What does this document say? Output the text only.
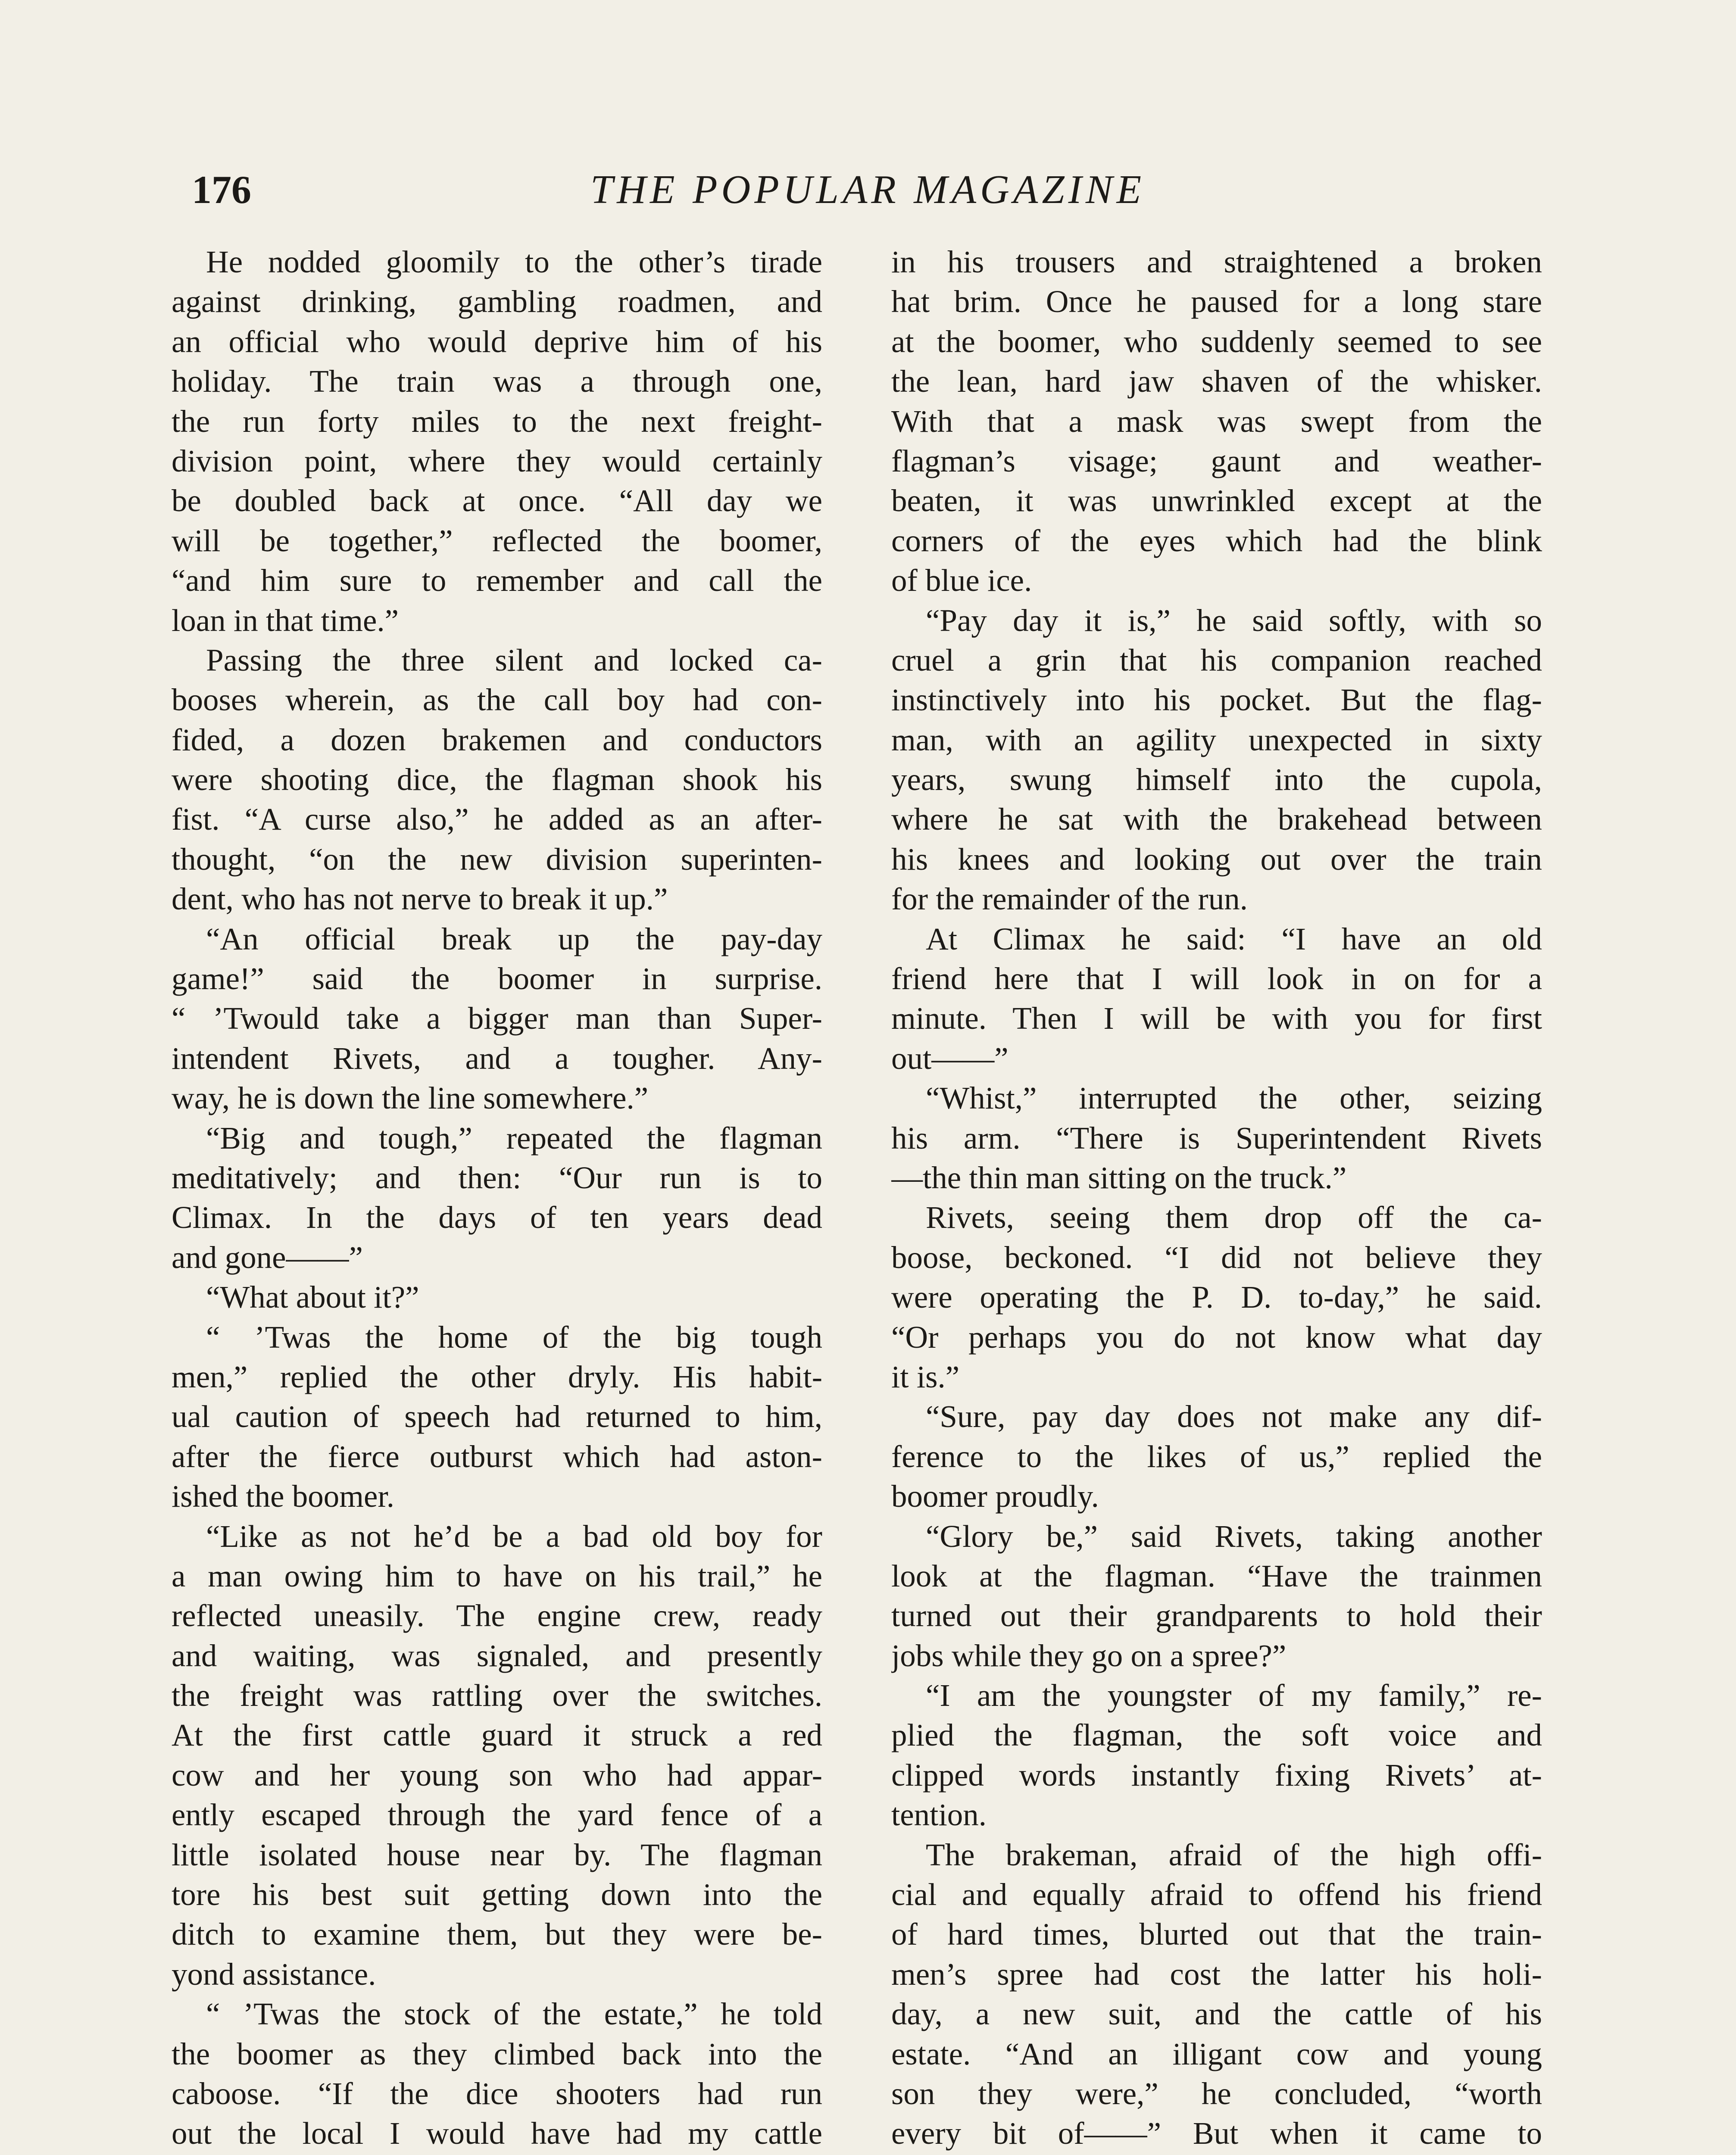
176	THE POPULAR MAGAZINE
He nodded gloomily to the other’s tirade
against drinking, gambling roadmen, and
an official who would deprive him of his
holiday. The train was a through one,
the run forty miles to the next freight-
division point, where they would certainly
be doubled back at once. “All day we
will be together,” reflected the boomer,
“and him sure to remember and call the
loan in that time.”
Passing the three silent and locked ca-
booses wherein, as the call boy had con-
fided, a dozen brakemen and conductors
were shooting dice, the flagman shook his
fist. “A curse also,” he added as an after-
thought, “on the new division superinten-
dent, who has not nerve to break it up.”
“An official break up the pay-day
game!” said the boomer in surprise.
“ ’Twould take a bigger man than Super-
intendent Rivets, and a tougher. Any-
way, he is down the line somewhere.”
“Big and tough,” repeated the flagman
meditatively; and then: “Our run is to
Climax. In the days of ten years dead
and gone——”
“What about it?”
“ ’Twas the home of the big tough
men,” replied the other dryly. His habit-
ual caution of speech had returned to him,
after the fierce outburst which had aston-
ished the boomer.
“Like as not he’d be a bad old boy for
a man owing him to have on his trail,” he
reflected uneasily. The engine crew, ready
and waiting, was signaled, and presently
the freight was rattling over the switches.
At the first cattle guard it struck a red
cow and her young son who had appar-
ently escaped through the yard fence of a
little isolated house near by. The flagman
tore his best suit getting down into the
ditch to examine them, but they were be-
yond assistance.
“ ’Twas the stock of the estate,” he told
the boomer as they climbed back into the
caboose. “If the dice shooters had run
out the local I would have had my cattle
in his trousers and straightened a broken
hat brim. Once he paused for a long stare
at the boomer, who suddenly seemed to see
the lean, hard jaw shaven of the whisker.
With that a mask was swept from the
flagman’s visage; gaunt and weather-
beaten, it was unwrinkled except at the
corners of the eyes which had the blink
of blue ice.
“Pay day it is,” he said softly, with so
cruel a grin that his companion reached
instinctively into his pocket. But the flag-
man, with an agility unexpected in sixty
years, swung himself into the cupola,
where he sat with the brakehead between
his knees and looking out over the train
for the remainder of the run.
At Climax he said: “I have an old
friend here that I will look in on for a
minute. Then I will be with you for first
out——”
“Whist,” interrupted the other, seizing
his arm. “There is Superintendent Rivets
—the thin man sitting on the truck.”
Rivets, seeing them drop off the ca-
boose, beckoned. “I did not believe they
were operating the P. D. to-day,” he said.
“Or perhaps you do not know what day
it is.”
“Sure, pay day does not make any dif-
ference to the likes of us,” replied the
boomer proudly.
“Glory be,” said Rivets, taking another
look at the flagman. “Have the trainmen
turned out their grandparents to hold their
jobs while they go on a spree?”
“I am the youngster of my family,” re-
plied the flagman, the soft voice and
clipped words instantly fixing Rivets’ at-
tention.
The brakeman, afraid of the high offi-
cial and equally afraid to offend his friend
of hard times, blurted out that the train-
men’s spree had cost the latter his holi-
day, a new suit, and the cattle of his
estate. “And an illigant cow and young
son they were,” he concluded, “worth
every bit of——” But when it came to
